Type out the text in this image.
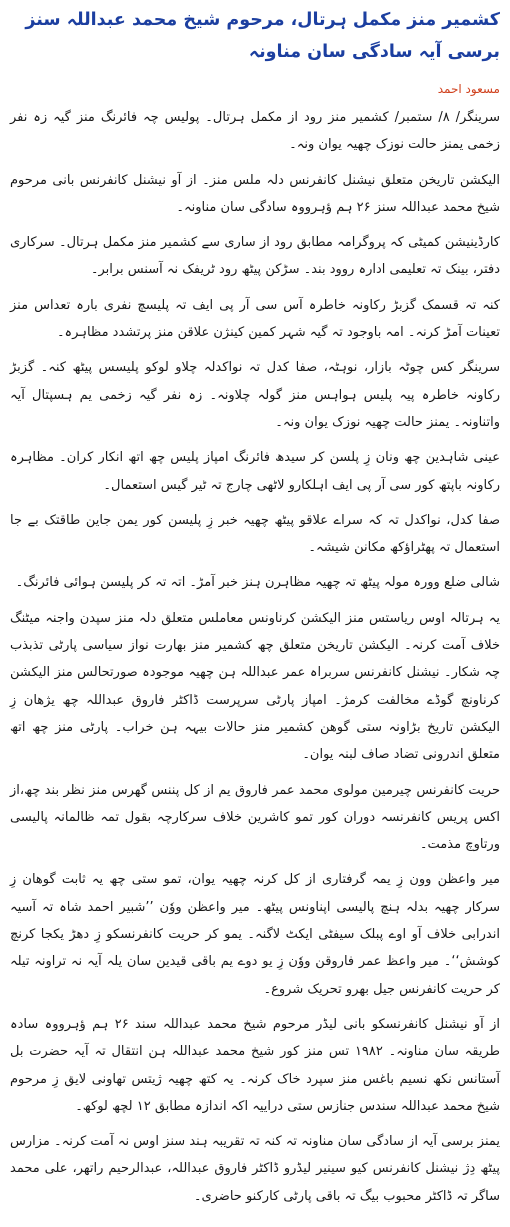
کشمیر منز مکمل ہرتال، مرحوم شیخ محمد عبداللہ سنز
برسی آیہ سادگی سان مناونہ
مسعود احمد

سرینگر/ ۸/ ستمبر/ کشمیر منز رود از مکمل ہرتال۔ پولیس چہ فائرنگ منز گیہ زہ نفر زخمی یمنز حالت نوزک چھیہ یوان ونہ۔

الیکشن تاریخن متعلق نیشنل کانفرنس دلہ ملس منز۔ از آو نیشنل کانفرنس بانی مرحوم شیخ محمد عبداللہ سنز ۲۶ ہم ؤہرووہ سادگی سان مناونہ۔

کارڈینیشن کمیٹی کہ پروگرامہ مطابق رود از ساری سے کشمیر منز مکمل ہرتال۔ سرکاری دفتر، بینک تہ تعلیمی ادارہ روود بند۔ سڑکن پیٹھ رود ٹریفک نہ آسنس برابر۔

کنہ تہ قسمک گزبڑ رکاونہ خاطرہ آس سی آر پی ایف تہ پلیسچ نفری بارہ تعداس منز تعینات آمڑ کرنہ۔ امہ باوجود تہ گیہ شہر کمین کینژن علاقن منز پرتشدد مظاہرہ۔

سرینگر کس چوٹہ بازار، نوہٹہ، صفا کدل تہ نواکدلہ چلاو لوکو پلیسس پیٹھ کنہ۔ گزبڑ رکاونہ خاطرہ پیہ پلیس ہواہس منز گولہ چلاونہ۔ زہ نفر گیہ زخمی یم ہسپتال آیہ واتناونہ۔ یمنز حالت چھیہ نوزک یوان ونہ۔

عینی شاہدین چھ ونان زِ پلسن کر سیدھ فائرنگ امپاز پلیس چھ اتھ انکار کران۔ مظاہرہ رکاونہ باپتھ کور سی آر پی ایف اہلکارو لاٹھی چارج تہ ٹیر گیس استعمال۔

صفا کدل، نواکدل تہ کہ سراے علاقو پیٹھ چھیہ خبر زِ پلیسن کور یمن جاین طاقتک بے جا استعمال تہ پھٹراؤکھ مکانن شیشہ۔

شالی ضلع وورہ مولہ پیٹھ تہ چھیہ مظاہرن ہنز خبر آمڑ۔ اتہ تہ کر پلیسن ہوائی فائرنگ۔

یہ ہرتالہ اوس ریاستس منز الیکشن کرناونس معاملس متعلق دلہ منز سپدن واجنہ میٹنگ خلاف آمت کرنہ۔ الیکشن تاریخن متعلق چھ کشمیر منز بھارت نواز سیاسی پارٹی تذبذب چہ شکار۔ نیشنل کانفرنس سربراہ عمر عبداللہ ہن چھیہ موجودہ صورتحالس منز الیکشن کرناونچ گوڈے مخالفت کرمژ۔ امپاز پارٹی سرپرست ڈاکٹر فاروق عبداللہ چھ یژھان زِ الیکشن تاریخ بڑاونہ ستی گوھن کشمیر منز حالات بیہہ ہن خراب۔ پارٹی منز چھ اتھ متعلق اندرونی تضاد صاف لبنہ یوان۔

حریت کانفرنس چیرمین مولوی محمد عمر فاروق یم از کل پننس گھرس منز نظر بند چھ،از اکس پریس کانفرنسہ دوران کور تمو کاشرین خلاف سرکارچہ بقول تمہ ظالمانہ پالیسی ورتاوچ مذمت۔

میر واعظن وون زِ یمہ گرفتاری از کل کرنہ چھیہ یوان، تمو ستی چھ یہ ثابت گوھان زِ سرکار چھیہ بدلہ ہنچ پالیسی اپناونس پیٹھ۔ میر واعظن ووٗن ’’شبیر احمد شاہ تہ آسیہ اندرابی خلاف آو اوے پبلک سیفٹی ایکٹ لاگنہ۔ یمو کر حریت کانفرنسکو زِ دھڑ یکجا کرنچ کوشش‘‘۔ میر واعظ عمر فاروقن ووٗن زِ یو دوے یم باقی قیدین سان یلہ آیہ نہ تراونہ تیلہ کر حریت کانفرنس جیل بھرو تحریک شروع۔

از آو نیشنل کانفرنسکو بانی لیڈر مرحوم شیخ محمد عبداللہ سند ۲۶ ہم ؤہرووہ سادہ طریقہ سان مناونہ۔ ۱۹۸۲ تس منز کور شیخ محمد عبداللہ ہن انتقال تہ آیہ حضرت بل آستانس نکھ نسیم باغس منز سپرد خاک کرنہ۔ یہ کتھ چھیہ ژیتس تھاونی لایق زِ مرحوم شیخ محمد عبداللہ سندس جنازس ستی دراییہ اکہ اندازہ مطابق ۱۲ لچھ لوکھ۔

یمنز برسی آیہ از سادگی سان مناونہ تہ کنہ تہ تقریبہ ہند سنز اوس نہ آمت کرنہ۔ مزارس پیٹھ دِژ نیشنل کانفرنس کیو سینیر لیڈرو ڈاکٹر فاروق عبداللہ، عبدالرحیم راتھر، علی محمد ساگر تہ ڈاکٹر محبوب بیگ تہ باقی پارٹی کارکنو حاضری۔
